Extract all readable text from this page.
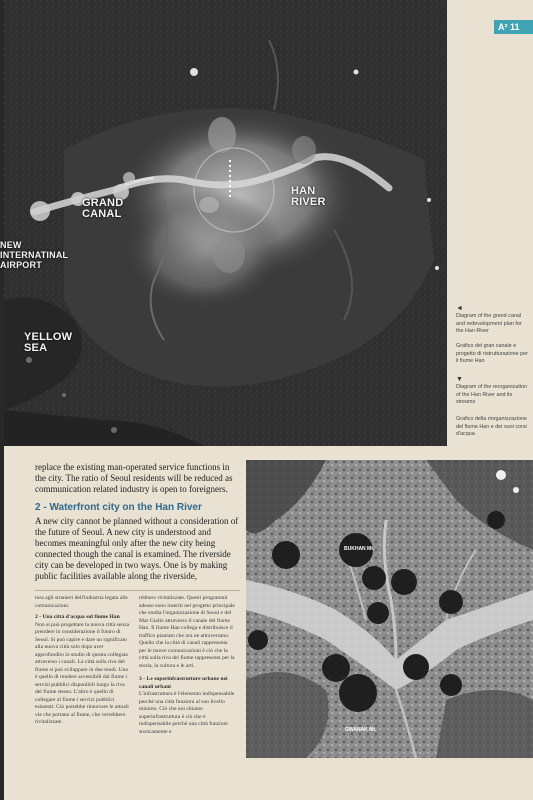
GRAND
CANAL
HAN
RIVER
NEW
INTERNATINAL
AIRPORT
YELLOW
SEA
A² 11
◄
Diagram of the grand canal and redevelopment plan for the Han River
Grafico del gran canale e progetto di ristrutturazione per il fiume Han
▼
Diagram of the reorganization of the Han River and its streams
Grafico della riorganizzazione del fiume Han e dei suoi corsi d'acqua
replace the existing man-operated service functions in the city. The ratio of Seoul residents will be reduced as communication related industry is open to foreigners.
2 - Waterfront city on the Han River
A new city cannot be planned without a consideration of the future of Seoul. A new city is understood and becomes meaningful only after the new city being connected though the canal is examined. The riverside city can be developed in two ways. One is by making public facilities available along the riverside,
tura agli stranieri dell'industria legata alle comunicazioni.
2 - Una città d'acqua sul fiume Han
Non si può progettare la nuova città senza prendere in considerazione il futuro di Seoul. Si può capire e dare un significato alla nuova città solo dopo aver approfondito lo studio di questa collegata attraverso i canali. La città sulla riva del fiume si può sviluppare in due modi. Uno è quello di rendere accessibili dal fiume i servizi pubblici disponibili lungo la riva del fiume stesso. L'altro è quello di collegare al fiume i servizi pubblici esistenti. Ciò potrebbe rinnovare le attuali vie che portano al fiume, che verrebbero rivitalizzate.
rebbero rivitalizzate. Questi programmi adesso sono inseriti nel progetto principale che studia l'organizzazione di Seoul e del Mar Giallo attraverso il canale del fiume Han. Il fiume Han collega e distribuisce il traffico piantato che ora ne attraversano. Quello che la città di canali rappresenta per le nuove comunicazioni è ciò che la città sulla riva del fiume rappresenta per la storia, la cultura e le arti.
3 - Le superinfrastrutture urbane nei canali urbani
L'infrastruttura è l'elemento indispensabile perché una città funzioni al suo livello minimo. Ciò che noi chiamo superinfrastruttura è ciò che è indispensabile perché una città funzioni storicamente e
BUKHAN Mt.
GWANAK Mt.
